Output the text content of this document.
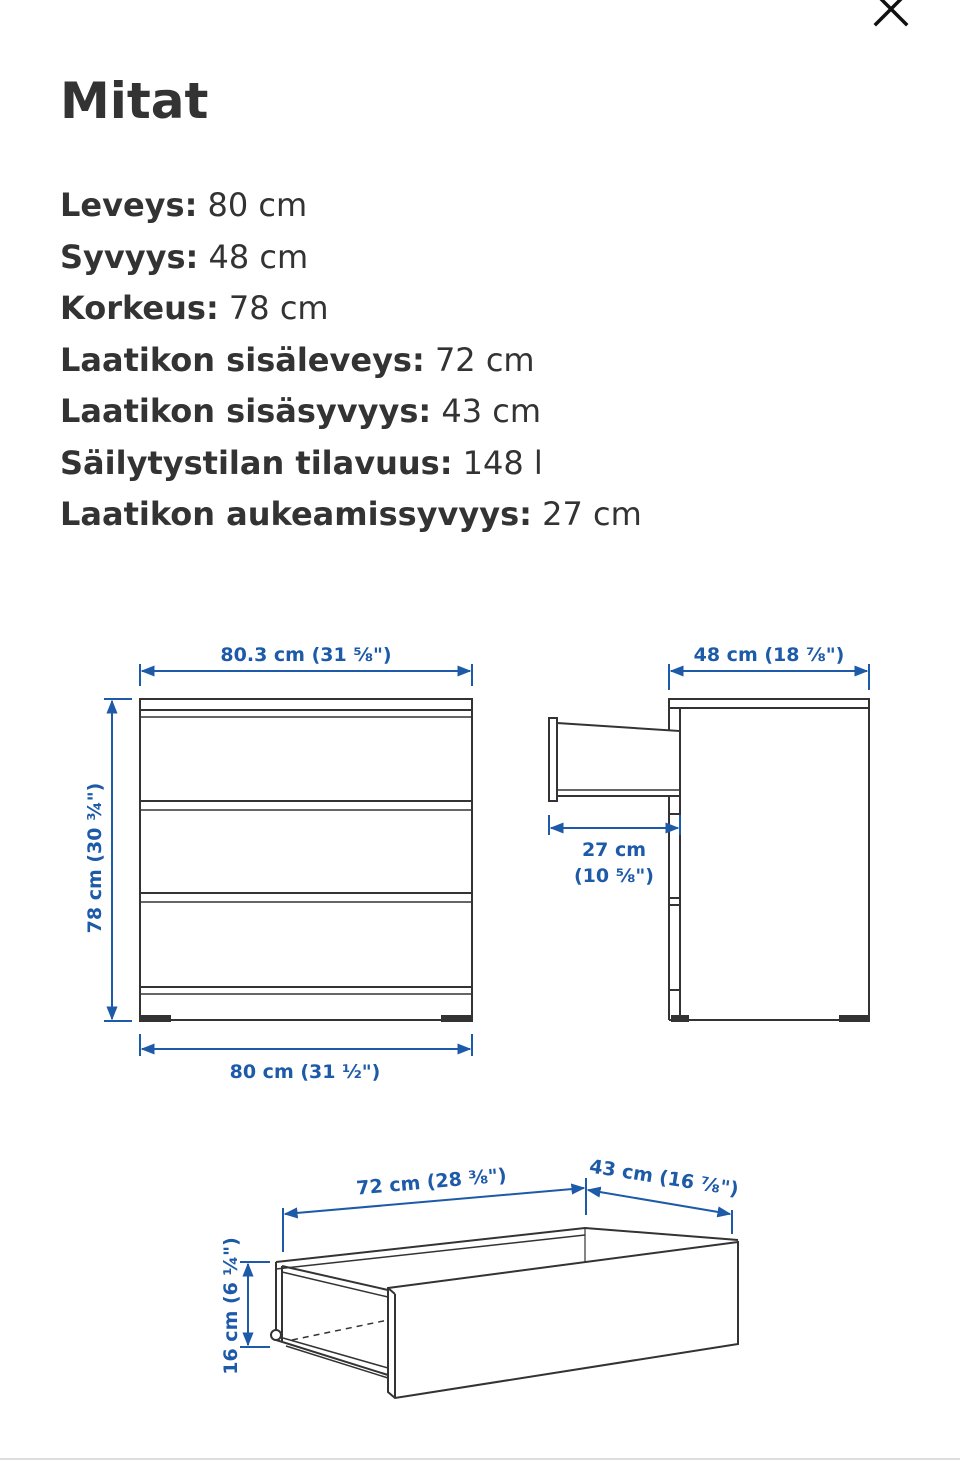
Mitat
Leveys: 80 cm
Syvyys: 48 cm
Korkeus: 78 cm
Laatikon sisäleveys: 72 cm
Laatikon sisäsyvyys: 43 cm
Säilytystilan tilavuus: 148 l
Laatikon aukeamissyvyys: 27 cm
80.3 cm (31 ⅝")
78 cm (30 ¾")
80 cm (31 ½")
48 cm (18 ⅞")
27 cm
(10 ⅝")
72 cm (28 ⅜")	43 cm (16 ⅞")
16 cm (6 ¼")
